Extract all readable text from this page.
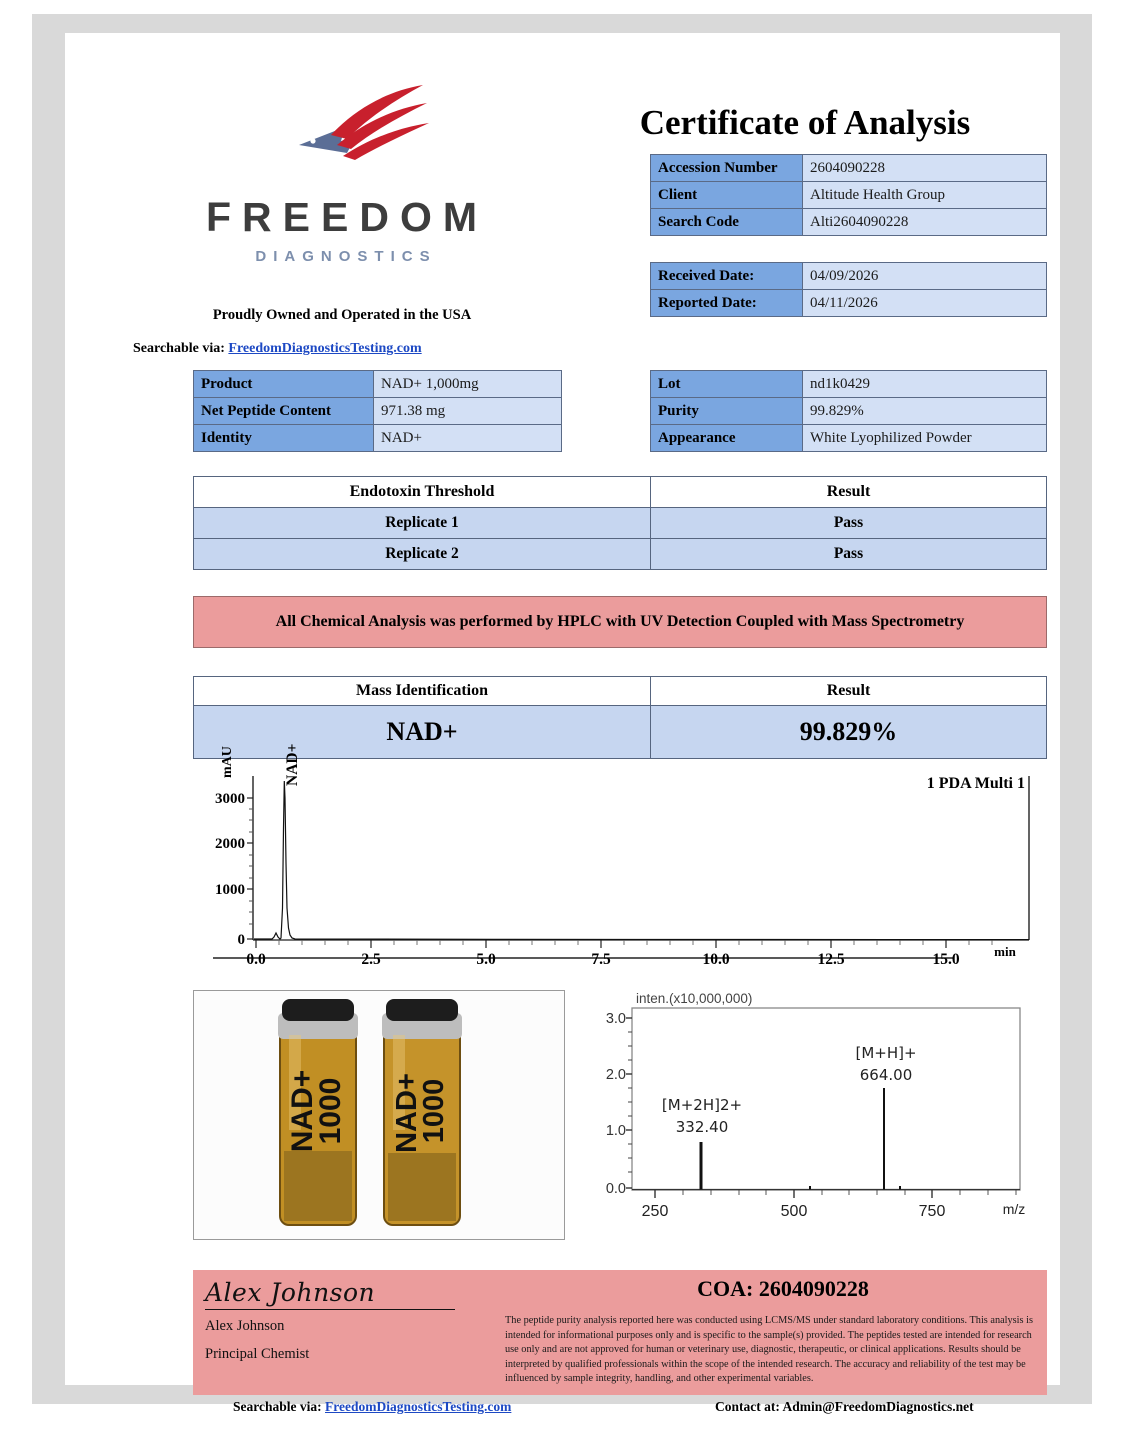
FREEDOM
DIAGNOSTICS
Proudly Owned and Operated in the USA
Searchable via: FreedomDiagnosticsTesting.com
Certificate of Analysis
Accession Number	2604090228
Client	Altitude Health Group
Search Code	Alti2604090228
Received Date:	04/09/2026
Reported Date:	04/11/2026
Product	NAD+ 1,000mg
Net Peptide Content	971.38 mg
Identity	NAD+
Lot	nd1k0429
Purity	99.829%
Appearance	White Lyophilized Powder
Endotoxin Threshold	Result
Replicate 1	Pass
Replicate 2	Pass
All Chemical Analysis was performed by HPLC with UV Detection Coupled with Mass Spectrometry
Mass Identification	Result
NAD+	99.829%
3000
2000
1000
0
0.0	2.5	5.0	7.5	10.0	12.5	15.0	min
NAD+
mAU
1 PDA Multi 1
NAD+
1000 NAD+
1000
inten.(x10,000,000)
3.0
2.0
1.0
0.0
250	500	750	m/z
[M+2H]2+
332.40
[M+H]+
664.00
Alex Johnson
Alex Johnson
Principal Chemist
COA: 2604090228
The peptide purity analysis reported here was conducted using LCMS/MS under standard laboratory conditions. This analysis is intended for informational purposes only and is specific to the sample(s) provided. The peptides tested are intended for research use only and are not approved for human or veterinary use, diagnostic, therapeutic, or clinical applications. Results should be interpreted by qualified professionals within the scope of the intended research. The accuracy and reliability of the test may be influenced by sample integrity, handling, and other experimental variables.
Searchable via: FreedomDiagnosticsTesting.com	Contact at: Admin@FreedomDiagnostics.net
